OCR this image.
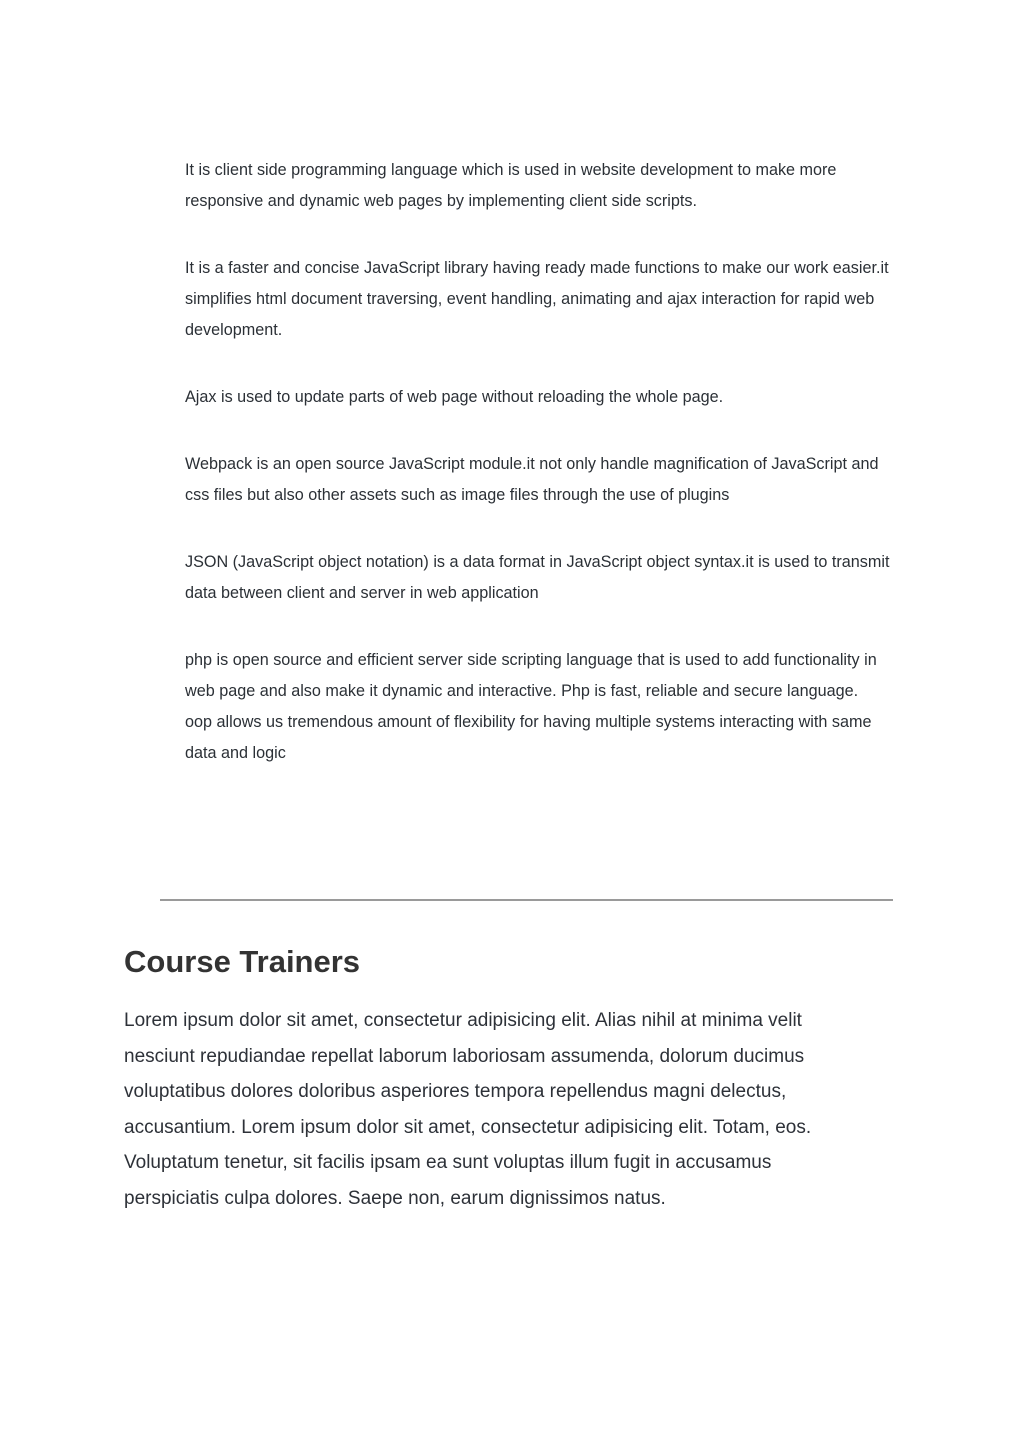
It is client side programming language which is used in website development to make more responsive and dynamic web pages by implementing client side scripts.

It is a faster and concise JavaScript library having ready made functions to make our work easier.it simplifies html document traversing, event handling, animating and ajax interaction for rapid web development.

Ajax is used to update parts of web page without reloading the whole page.

Webpack is an open source JavaScript module.it not only handle magnification of JavaScript and css files but also other assets such as image files through the use of plugins

JSON (JavaScript object notation) is a data format in JavaScript object syntax.it is used to transmit data between client and server in web application

php is open source and efficient server side scripting language that is used to add functionality in web page and also make it dynamic and interactive. Php is fast, reliable and secure language.

oop allows us tremendous amount of flexibility for having multiple systems interacting with same data and logic

Course Trainers

Lorem ipsum dolor sit amet, consectetur adipisicing elit. Alias nihil at minima velit nesciunt repudiandae repellat laborum laboriosam assumenda, dolorum ducimus voluptatibus dolores doloribus asperiores tempora repellendus magni delectus, accusantium. Lorem ipsum dolor sit amet, consectetur adipisicing elit. Totam, eos. Voluptatum tenetur, sit facilis ipsam ea sunt voluptas illum fugit in accusamus perspiciatis culpa dolores. Saepe non, earum dignissimos natus.
